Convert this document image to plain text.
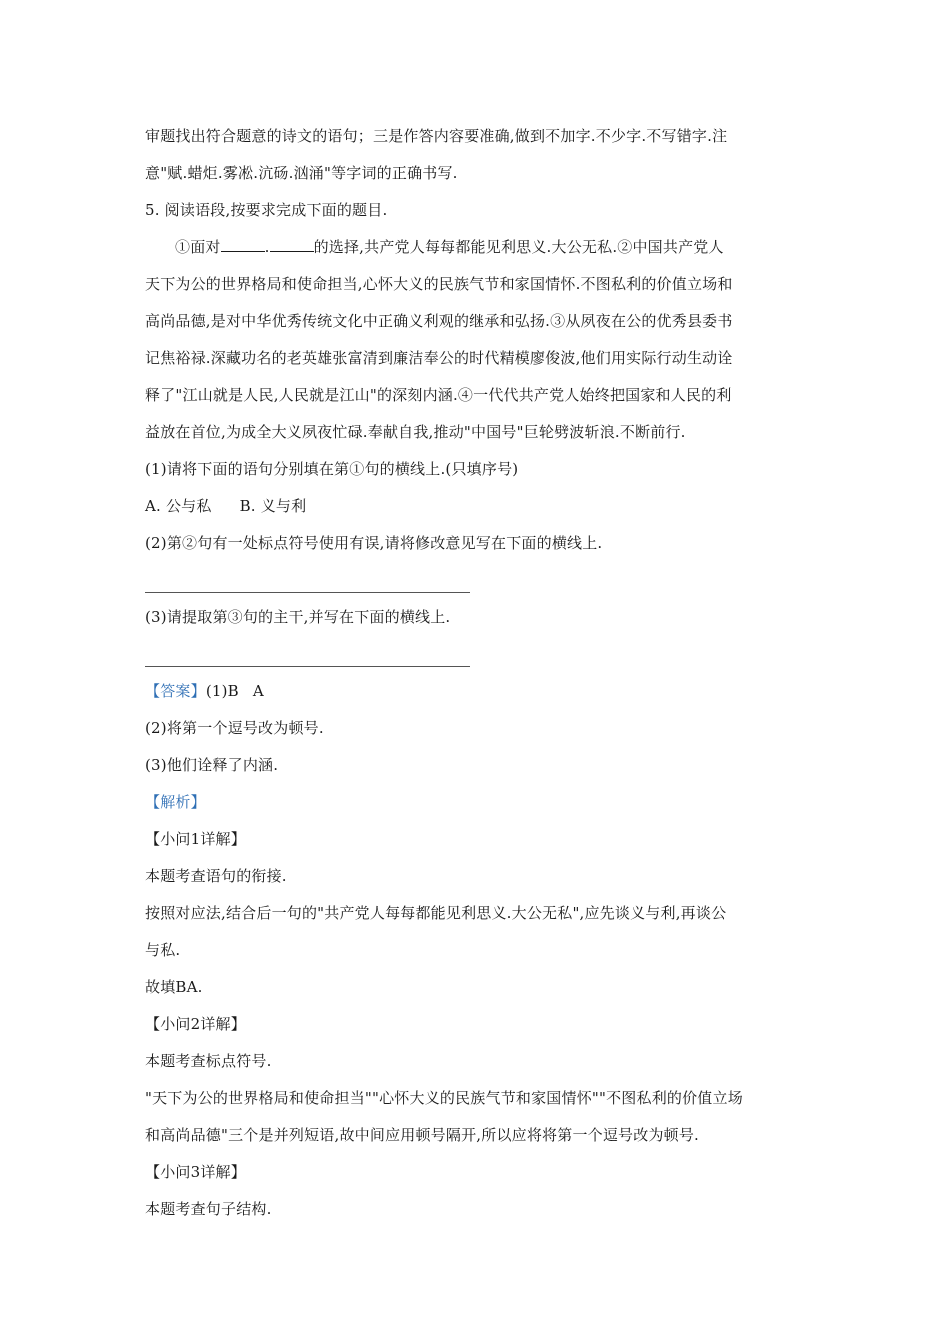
审题找出符合题意的诗文的语句；三是作答内容要准确,做到不加字.不少字.不写错字.注
意"赋.蜡炬.雾凇.沆砀.汹涌"等字词的正确书写.
5. 阅读语段,按要求完成下面的题目.
①面对	.	的选择,共产党人每每都能见利思义.大公无私.②中国共产党人
天下为公的世界格局和使命担当,心怀大义的民族气节和家国情怀.不图私利的价值立场和
高尚品德,是对中华优秀传统文化中正确义利观的继承和弘扬.③从夙夜在公的优秀县委书
记焦裕禄.深藏功名的老英雄张富清到廉洁奉公的时代精模廖俊波,他们用实际行动生动诠
释了"江山就是人民,人民就是江山"的深刻内涵.④一代代共产党人始终把国家和人民的利
益放在首位,为成全大义夙夜忙碌.奉献自我,推动"中国号"巨轮劈波斩浪.不断前行.
(1)请将下面的语句分别填在第①句的横线上.(只填序号)
A. 公与私 B. 义与利
(2)第②句有一处标点符号使用有误,请将修改意见写在下面的横线上.
(3)请提取第③句的主干,并写在下面的横线上.
【答案】(1)B A
(2)将第一个逗号改为顿号.
(3)他们诠释了内涵.
【解析】
【小问1详解】
本题考查语句的衔接.
按照对应法,结合后一句的"共产党人每每都能见利思义.大公无私",应先谈义与利,再谈公
与私.
故填BA.
【小问2详解】
本题考查标点符号.
"天下为公的世界格局和使命担当""心怀大义的民族气节和家国情怀""不图私利的价值立场
和高尚品德"三个是并列短语,故中间应用顿号隔开,所以应将将第一个逗号改为顿号.
【小问3详解】
本题考查句子结构.
